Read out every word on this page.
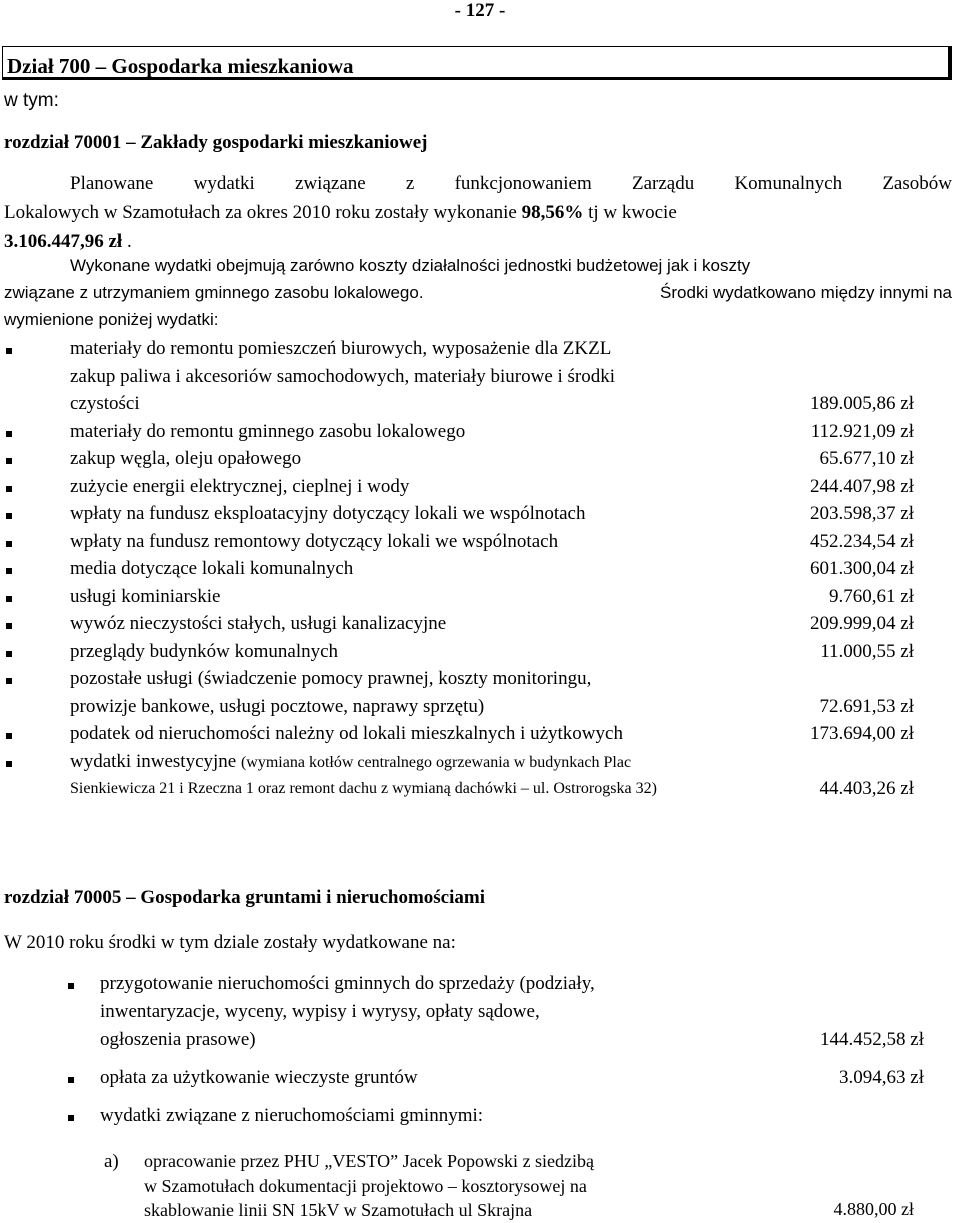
- 127 -
Dział 700 – Gospodarka mieszkaniowa
w tym:
rozdział 70001 – Zakłady gospodarki mieszkaniowej
Planowane wydatki związane z funkcjonowaniem Zarządu Komunalnych Zasobów
Lokalowych w Szamotułach za okres 2010 roku zostały wykonanie 98,56% tj w kwocie
3.106.447,96 zł .
Wykonane wydatki obejmują zarówno koszty działalności jednostki budżetowej jak i koszty
związane z utrzymaniem gminnego zasobu lokalowego.	Środki wydatkowano między innymi na
wymienione poniżej wydatki:
materiały do remontu pomieszczeń biurowych, wyposażenie dla ZKZL
zakup paliwa i akcesoriów samochodowych, materiały biurowe i środki
czystości	189.005,86 zł
materiały do remontu gminnego zasobu lokalowego	112.921,09 zł
zakup węgla, oleju opałowego	65.677,10 zł
zużycie energii elektrycznej, cieplnej i wody	244.407,98 zł
wpłaty na fundusz eksploatacyjny dotyczący lokali we wspólnotach	203.598,37 zł
wpłaty na fundusz remontowy dotyczący lokali we wspólnotach	452.234,54 zł
media dotyczące lokali komunalnych	601.300,04 zł
usługi kominiarskie	9.760,61 zł
wywóz nieczystości stałych, usługi kanalizacyjne	209.999,04 zł
przeglądy budynków komunalnych	11.000,55 zł
pozostałe usługi (świadczenie pomocy prawnej, koszty monitoringu,
prowizje bankowe, usługi pocztowe, naprawy sprzętu)	72.691,53 zł
podatek od nieruchomości należny od lokali mieszkalnych i użytkowych	173.694,00 zł
wydatki inwestycyjne (wymiana kotłów centralnego ogrzewania w budynkach Plac
Sienkiewicza 21 i Rzeczna 1 oraz remont dachu z wymianą dachówki – ul. Ostrorogska 32)	44.403,26 zł
rozdział 70005 – Gospodarka gruntami i nieruchomościami
W 2010 roku środki w tym dziale zostały wydatkowane na:
przygotowanie nieruchomości gminnych do sprzedaży (podziały,
inwentaryzacje, wyceny, wypisy i wyrysy, opłaty sądowe,
ogłoszenia prasowe)	144.452,58 zł
opłata za użytkowanie wieczyste gruntów	3.094,63 zł
wydatki związane z nieruchomościami gminnymi:
a) opracowanie przez PHU „VESTO” Jacek Popowski z siedzibą
w Szamotułach dokumentacji projektowo – kosztorysowej na
skablowanie linii SN 15kV w Szamotułach ul Skrajna	4.880,00 zł
